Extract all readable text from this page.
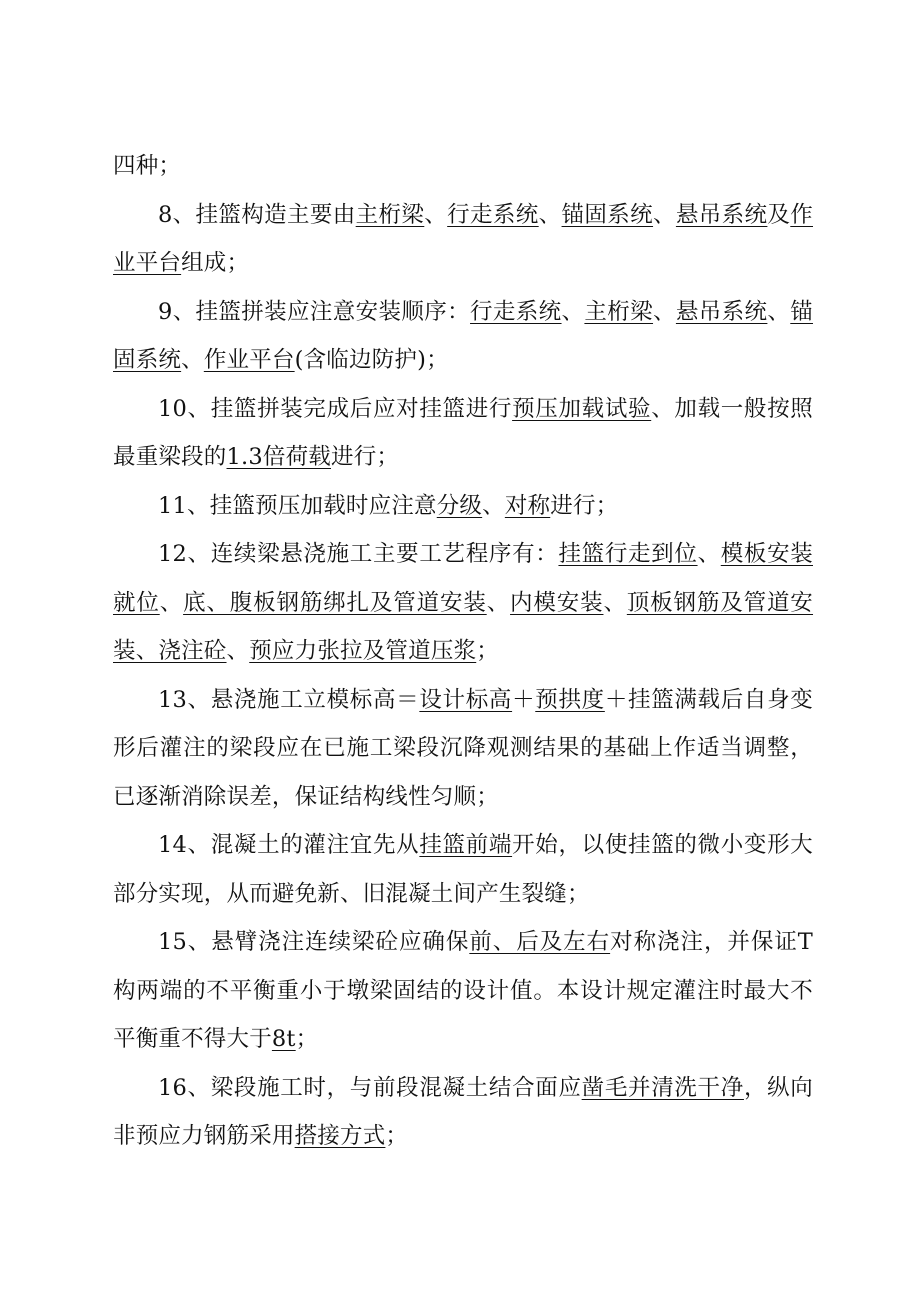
四种；

8、挂篮构造主要由主桁梁、行走系统、锚固系统、悬吊系统及作业平台组成；

9、挂篮拼装应注意安装顺序：行走系统、主桁梁、悬吊系统、锚固系统、作业平台(含临边防护)；

10、挂篮拼装完成后应对挂篮进行预压加载试验、加载一般按照最重梁段的1.3倍荷载进行；

11、挂篮预压加载时应注意分级、对称进行；

12、连续梁悬浇施工主要工艺程序有：挂篮行走到位、模板安装就位、底、腹板钢筋绑扎及管道安装、内模安装、顶板钢筋及管道安装、浇注砼、预应力张拉及管道压浆；

13、悬浇施工立模标高＝设计标高＋预拱度＋挂篮满载后自身变形后灌注的梁段应在已施工梁段沉降观测结果的基础上作适当调整，已逐渐消除误差，保证结构线性匀顺；

14、混凝土的灌注宜先从挂篮前端开始，以使挂篮的微小变形大部分实现，从而避免新、旧混凝土间产生裂缝；

15、悬臂浇注连续梁砼应确保前、后及左右对称浇注，并保证T构两端的不平衡重小于墩梁固结的设计值。本设计规定灌注时最大不平衡重不得大于8t；

16、梁段施工时，与前段混凝土结合面应凿毛并清洗干净，纵向非预应力钢筋采用搭接方式；
